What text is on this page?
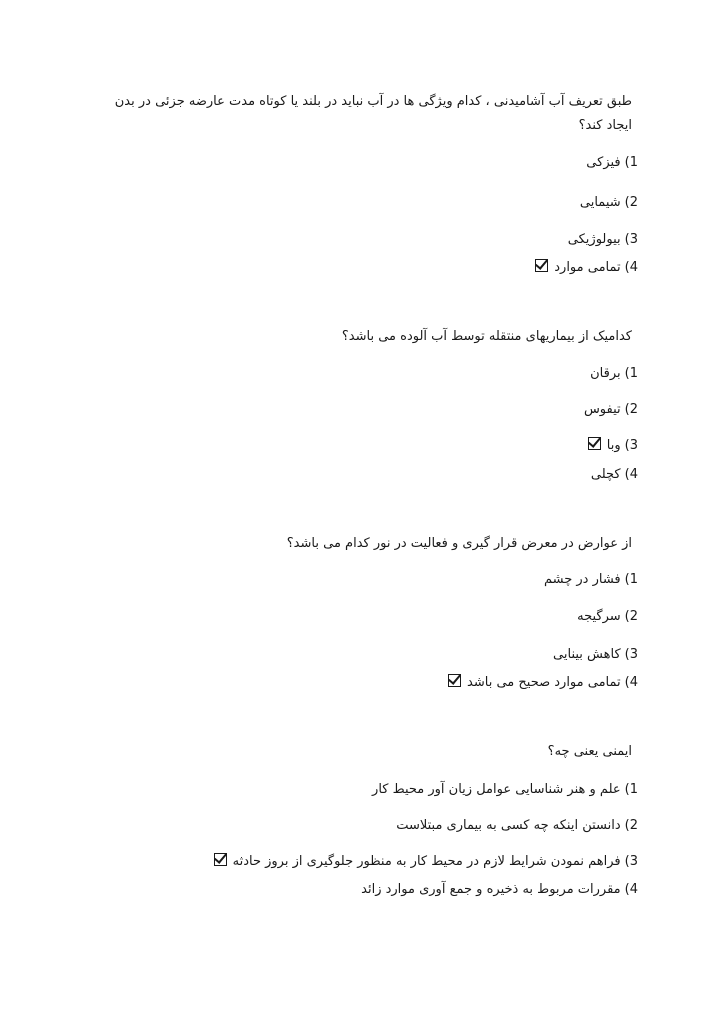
طبق تعریف آب آشامیدنی ، کدام ویژگی ها در آب نباید در بلند یا کوتاه مدت عارضه جزئی در بدن ایجاد کند؟
1)فیزکی
2)شیمایی
3)بیولوژیکی
4)تمامی موارد
کدامیک از بیماریهای منتقله توسط آب آلوده می باشد؟
1)برقان
2)تیفوس
3)وبا
4)کچلی
از عوارض در معرض قرار گیری و فعالیت در نور کدام می باشد؟
1)فشار در چشم
2)سرگیجه
3)کاهش بینایی
4)تمامی موارد صحیح می باشد
ایمنی یعنی چه؟
1)علم و هنر شناسایی عوامل زیان آور محیط کار
2)دانستن اینکه چه کسی به بیماری مبتلاست
3)فراهم نمودن شرایط لازم در محیط کار به منظور جلوگیری از بروز حادثه
4)مقررات مربوط به ذخیره و جمع آوری موارد زائد
